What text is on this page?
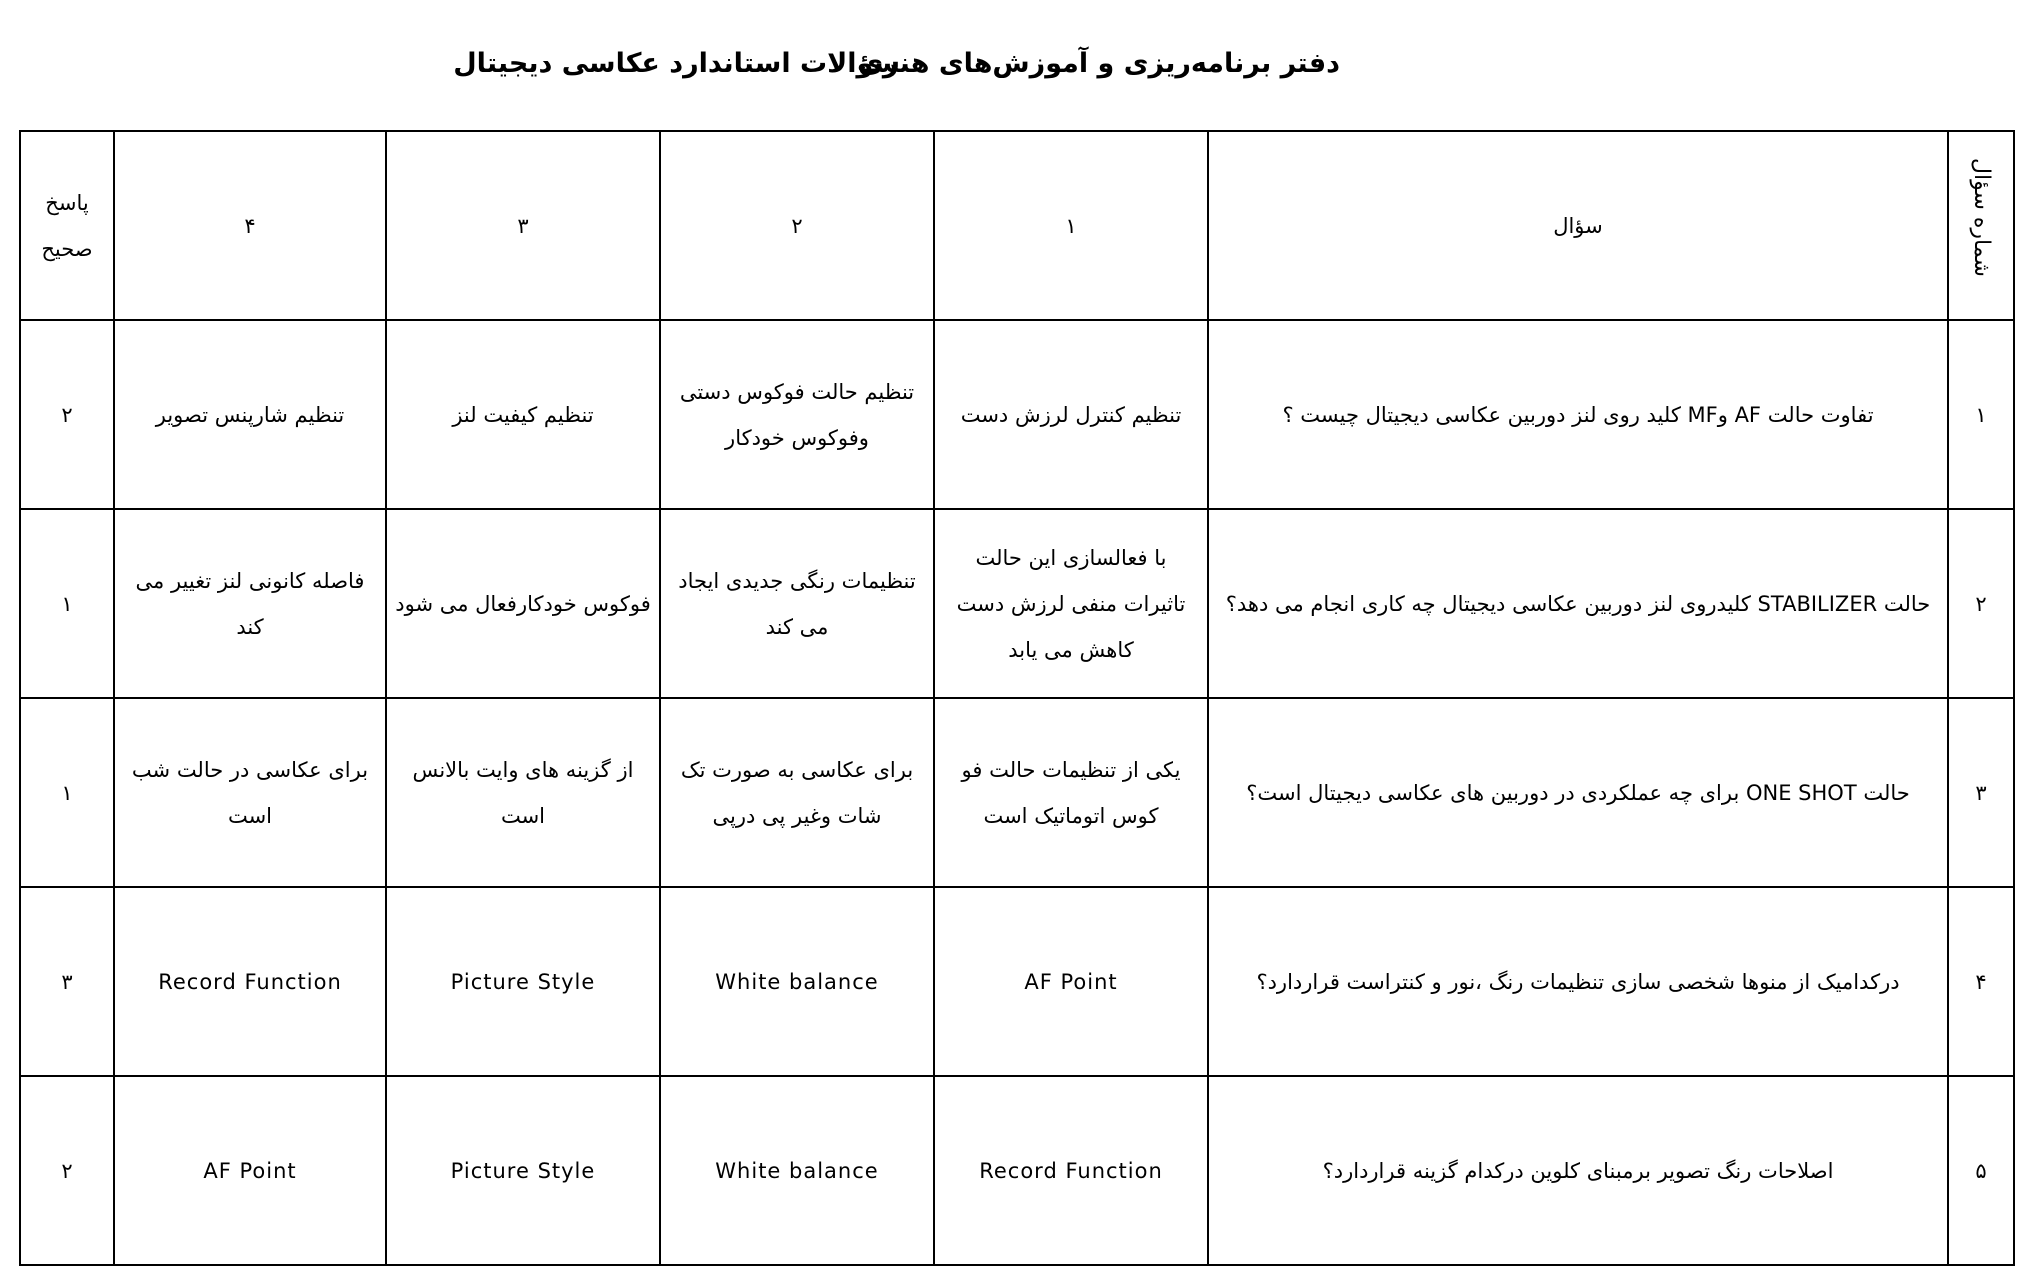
دفتر برنامه‌ریزی و آموزش‌های هنری
سؤالات استاندارد عکاسی دیجیتال
شماره سؤال	سؤال	۱	۲	۳	۴	پاسخ صحیح
۱	تفاوت حالت AF وMF کلید روی لنز دوربین عکاسی دیجیتال چیست ؟	تنظیم کنترل لرزش دست	تنظیم حالت فوکوس دستی وفوکوس خودکار	تنظیم کیفیت لنز	تنظیم شارپنس تصویر	۲
۲	حالت STABILIZER کلیدروی لنز دوربین عکاسی دیجیتال چه کاری انجام می دهد؟	با فعالسازی این حالت تاثیرات منفی لرزش دست کاهش می یابد	تنظیمات رنگی جدیدی ایجاد می کند	فوکوس خودکارفعال می شود	فاصله کانونی لنز تغییر می کند	۱
۳	حالت ONE SHOT برای چه عملکردی در دوربین های عکاسی دیجیتال است؟	یکی از تنظیمات حالت فو کوس اتوماتیک است	برای عکاسی به صورت تک شات وغیر پی درپی	از گزینه های وایت بالانس است	برای عکاسی در حالت شب است	۱
۴	درکدامیک از منوها شخصی سازی تنظیمات رنگ ،نور و کنتراست قراردارد؟	AF Point	White balance	Picture Style	Record Function	۳
۵	اصلاحات رنگ تصویر برمبنای کلوین درکدام گزینه قراردارد؟	Record Function	White balance	Picture Style	AF Point	۲
